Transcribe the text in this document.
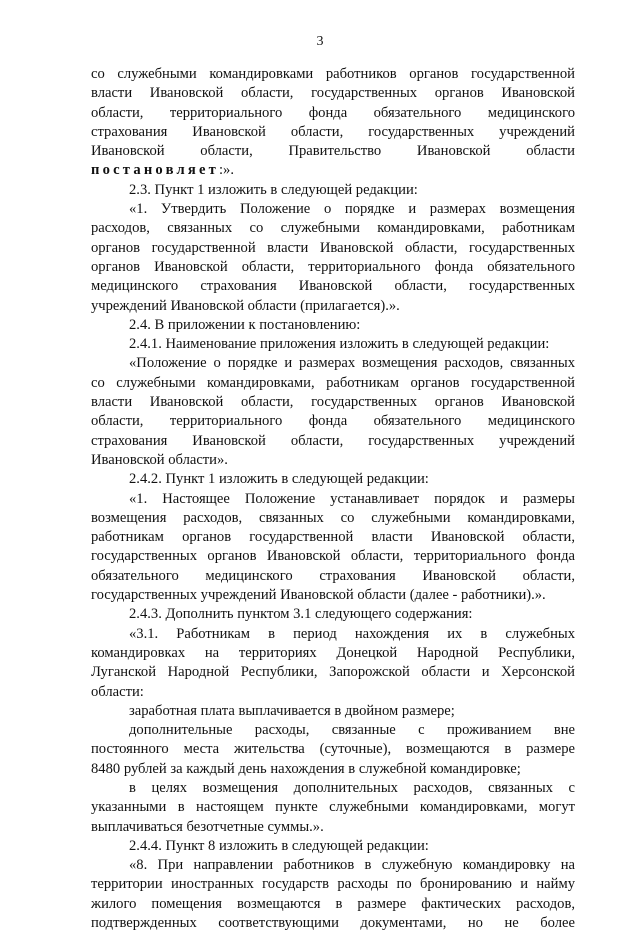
3
со служебными командировками работников органов государственной
власти Ивановской области, государственных органов Ивановской
области, территориального фонда обязательного медицинского
страхования Ивановской области, государственных учреждений
Ивановской области, Правительство Ивановской области
постановляет:».
2.3. Пункт 1 изложить в следующей редакции:
«1. Утвердить Положение о порядке и размерах возмещения
расходов, связанных со служебными командировками, работникам
органов государственной власти Ивановской области, государственных
органов Ивановской области, территориального фонда обязательного
медицинского страхования Ивановской области, государственных
учреждений Ивановской области (прилагается).».
2.4. В приложении к постановлению:
2.4.1. Наименование приложения изложить в следующей редакции:
«Положение о порядке и размерах возмещения расходов, связанных
со служебными командировками, работникам органов государственной
власти Ивановской области, государственных органов Ивановской
области, территориального фонда обязательного медицинского
страхования Ивановской области, государственных учреждений
Ивановской области».
2.4.2. Пункт 1 изложить в следующей редакции:
«1. Настоящее Положение устанавливает порядок и размеры
возмещения расходов, связанных со служебными командировками,
работникам органов государственной власти Ивановской области,
государственных органов Ивановской области, территориального фонда
обязательного медицинского страхования Ивановской области,
государственных учреждений Ивановской области (далее - работники).».
2.4.3. Дополнить пунктом 3.1 следующего содержания:
«3.1. Работникам в период нахождения их в служебных
командировках на территориях Донецкой Народной Республики,
Луганской Народной Республики, Запорожской области и Херсонской
области:
заработная плата выплачивается в двойном размере;
дополнительные расходы, связанные с проживанием вне
постоянного места жительства (суточные), возмещаются в размере
8480 рублей за каждый день нахождения в служебной командировке;
в целях возмещения дополнительных расходов, связанных с
указанными в настоящем пункте служебными командировками, могут
выплачиваться безотчетные суммы.».
2.4.4. Пункт 8 изложить в следующей редакции:
«8. При направлении работников в служебную командировку на
территории иностранных государств расходы по бронированию и найму
жилого помещения возмещаются в размере фактических расходов,
подтвержденных соответствующими документами, но не более
